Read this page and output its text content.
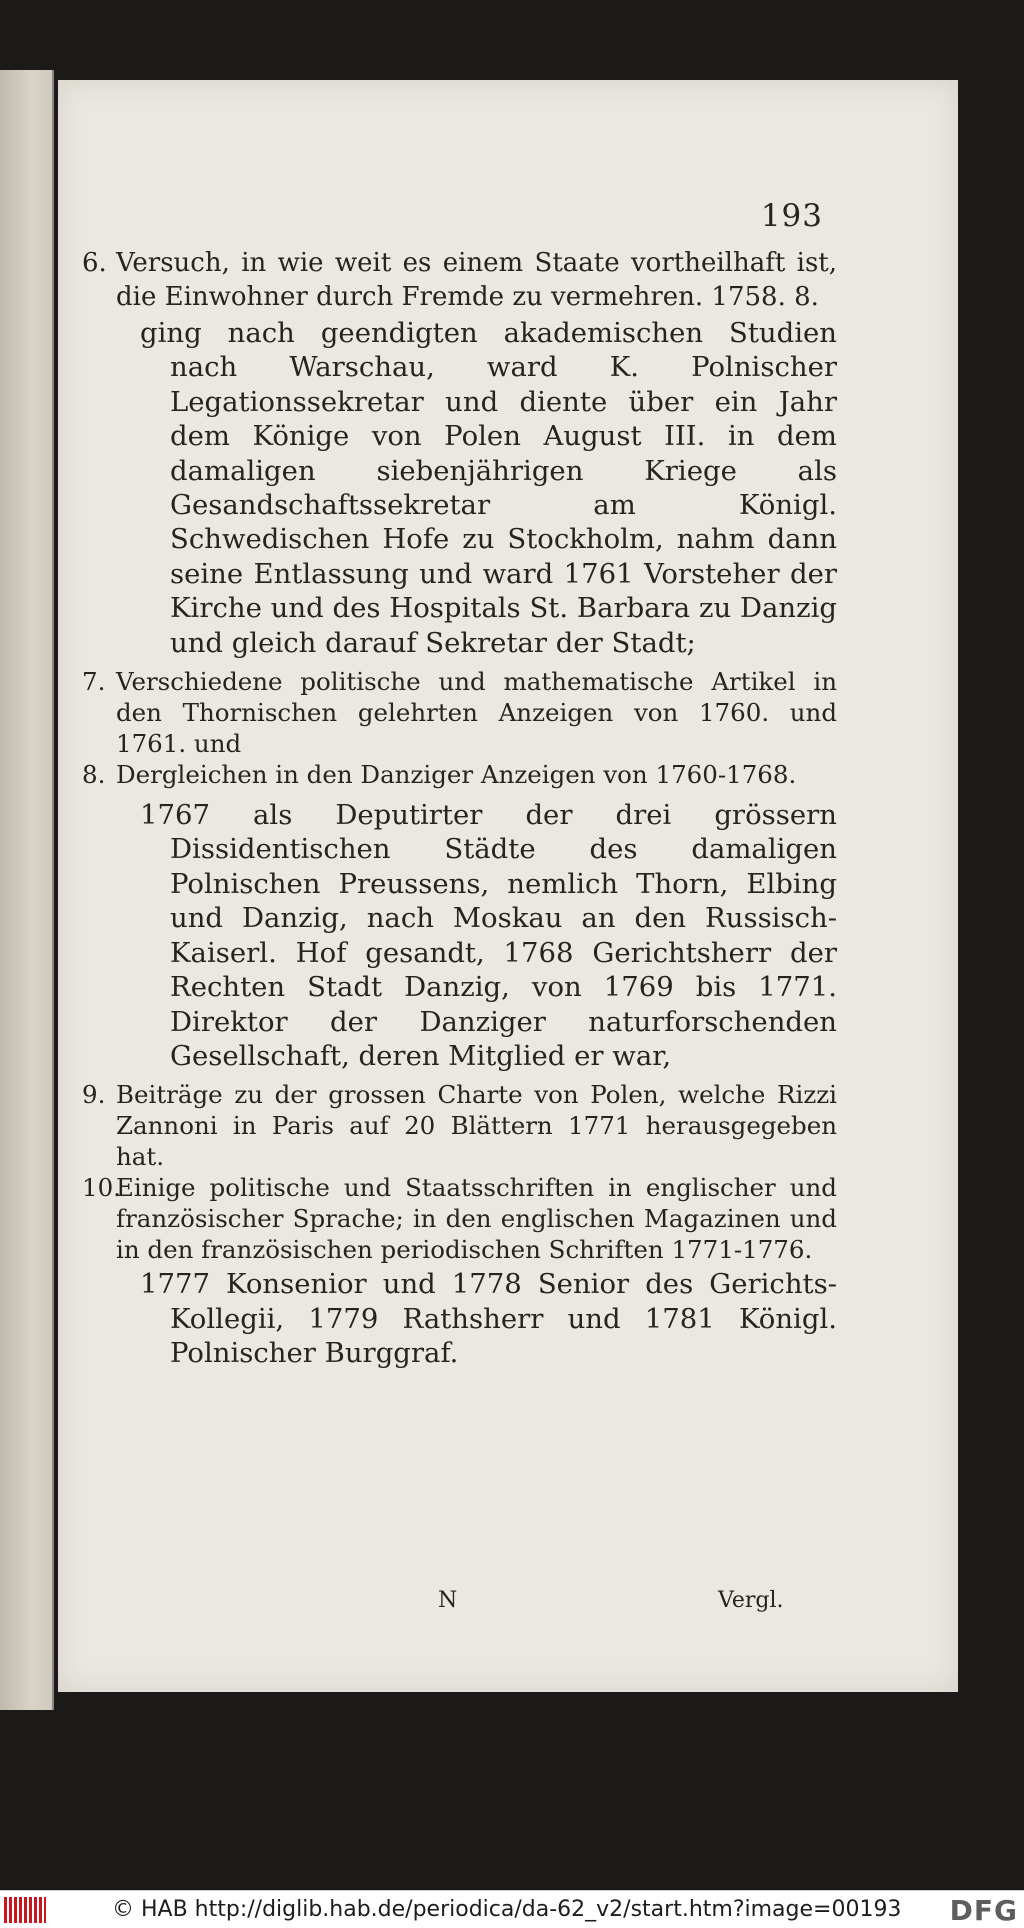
193
6. Versuch, in wie weit es einem Staate vortheilhaft ist, die Einwohner durch Fremde zu vermehren. 1758. 8.
ging nach geendigten akademischen Studien nach Warschau, ward K. Polnischer Legationssekretar und diente über ein Jahr dem Könige von Polen August III. in dem damaligen siebenjährigen Kriege als Gesandschaftssekretar am Königl. Schwedischen Hofe zu Stockholm, nahm dann seine Entlassung und ward 1761 Vorsteher der Kirche und des Hospitals St. Barbara zu Danzig und gleich darauf Sekretar der Stadt;
7. Verschiedene politische und mathematische Artikel in den Thornischen gelehrten Anzeigen von 1760. und 1761. und
8. Dergleichen in den Danziger Anzeigen von 1760-1768.
1767 als Deputirter der drei grössern Dissidentischen Städte des damaligen Polnischen Preussens, nemlich Thorn, Elbing und Danzig, nach Moskau an den Russisch-Kaiserl. Hof gesandt, 1768 Gerichtsherr der Rechten Stadt Danzig, von 1769 bis 1771. Direktor der Danziger naturforschenden Gesellschaft, deren Mitglied er war,
9. Beiträge zu der grossen Charte von Polen, welche Rizzi Zannoni in Paris auf 20 Blättern 1771 herausgegeben hat.
10.
Einige politische und Staatsschriften in englischer und französischer Sprache; in den englischen Magazinen und in den französischen periodischen Schriften 1771-1776.
1777 Konsenior und 1778 Senior des Gerichts-Kollegii, 1779 Rathsherr und 1781 Königl. Polnischer Burggraf.
N	Vergl.
© HAB http://diglib.hab.de/periodica/da-62_v2/start.htm?image=00193 DFG
